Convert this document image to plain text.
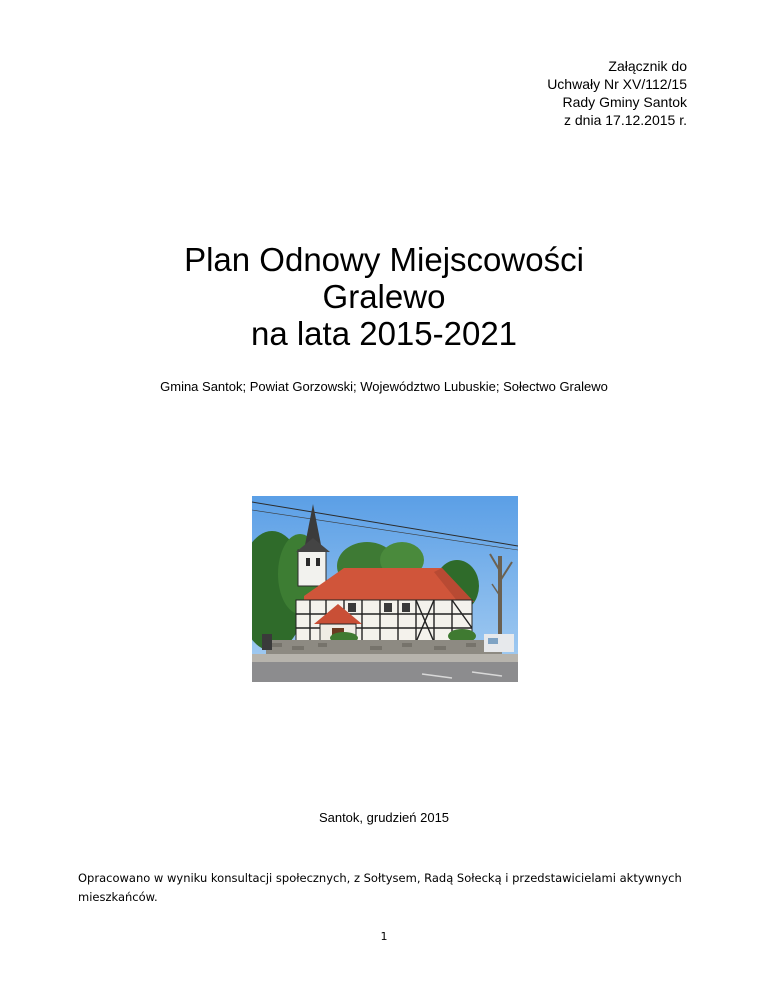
Załącznik do
Uchwały Nr XV/112/15
Rady Gminy Santok
z dnia 17.12.2015 r.
Plan Odnowy Miejscowości
Gralewo
na lata 2015-2021
Gmina Santok; Powiat Gorzowski; Województwo Lubuskie; Sołectwo Gralewo
Santok, grudzień 2015
Opracowano w wyniku konsultacji społecznych, z Sołtysem, Radą Sołecką i przedstawicielami aktywnych mieszkańców.
1
